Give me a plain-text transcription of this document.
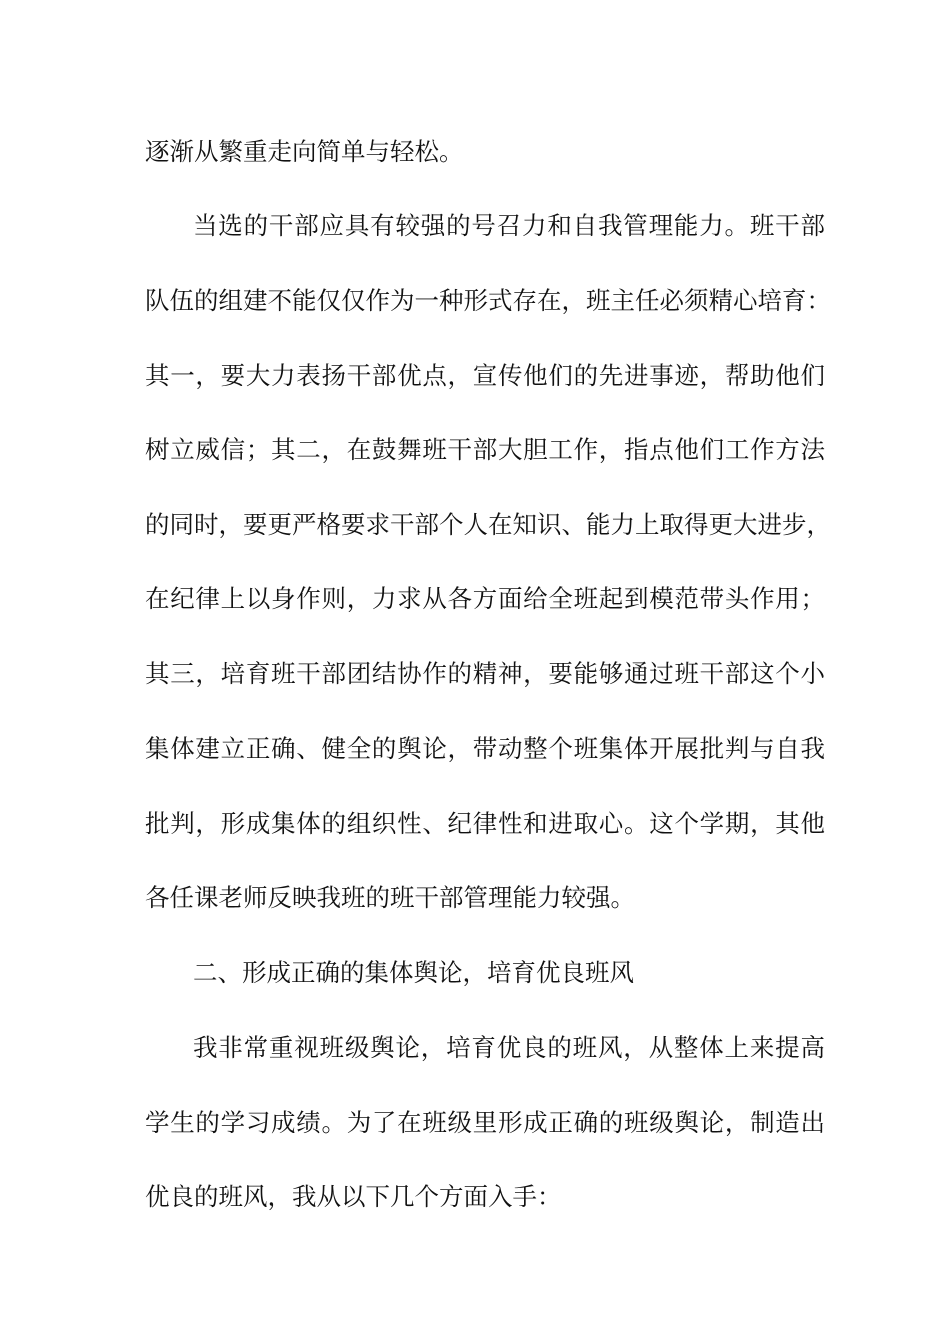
逐渐从繁重走向简单与轻松。
当选的干部应具有较强的号召力和自我管理能力。班干部
队伍的组建不能仅仅作为一种形式存在，班主任必须精心培育：
其一，要大力表扬干部优点，宣传他们的先进事迹，帮助他们
树立威信；其二，在鼓舞班干部大胆工作，指点他们工作方法
的同时，要更严格要求干部个人在知识、能力上取得更大进步，
在纪律上以身作则，力求从各方面给全班起到模范带头作用；
其三，培育班干部团结协作的精神，要能够通过班干部这个小
集体建立正确、健全的舆论，带动整个班集体开展批判与自我
批判，形成集体的组织性、纪律性和进取心。这个学期，其他
各任课老师反映我班的班干部管理能力较强。
二、形成正确的集体舆论，培育优良班风
我非常重视班级舆论，培育优良的班风，从整体上来提高
学生的学习成绩。为了在班级里形成正确的班级舆论，制造出
优良的班风，我从以下几个方面入手：
